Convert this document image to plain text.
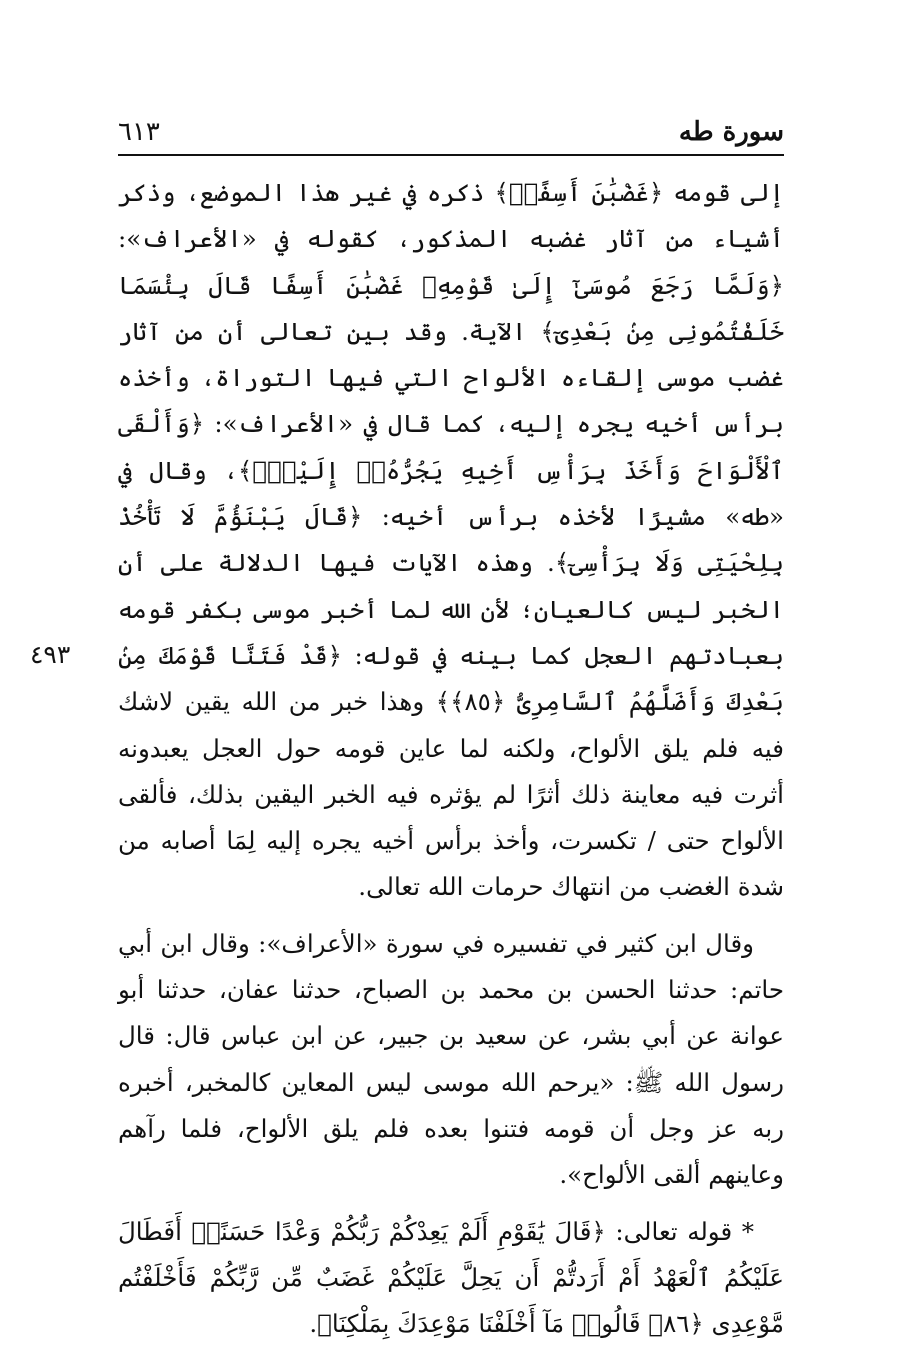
٦١٣	سورة طه
٤٩٣

إلى قومه ﴿غَضْبَٰنَ أَسِفًاۚ﴾ ذكره في غير هذا الموضع، وذكر أشياء من آثار غضبه المذكور، كقوله في «الأعراف»: ﴿وَلَمَّا رَجَعَ مُوسَىٰٓ إِلَىٰ قَوْمِهِۦ غَضْبَٰنَ أَسِفًا قَالَ بِئْسَمَا خَلَفْتُمُونِى مِنۢ بَعْدِىٓ﴾ الآية. وقد بين تعالى أن من آثار غضب موسى إلقاءه الألواح التي فيها التوراة، وأخذه برأس أخيه يجره إليه، كما قال في «الأعراف»: ﴿وَأَلْقَى ٱلْأَلْوَاحَ وَأَخَذَ بِرَأْسِ أَخِيهِ يَجُرُّهُۥٓ إِلَيْهِۚ﴾، وقال في «طه» مشيرًا لأخذه برأس أخيه: ﴿قَالَ يَبْنَؤُمَّ لَا تَأْخُذْ بِلِحْيَتِى وَلَا بِرَأْسِىٓ﴾. وهذه الآيات فيها الدلالة على أن الخبر ليس كالعيان؛ لأن الله لما أخبر موسى بكفر قومه بعبادتهم العجل كما بينه في قوله: ﴿قَدْ فَتَنَّا قَوْمَكَ مِنۢ بَعْدِكَ وَأَضَلَّهُمُ ٱلسَّامِرِىُّ ﴿٨٥﴾﴾ وهذا خبر من الله يقين لاشك فيه فلم يلق الألواح، ولكنه لما عاين قومه حول العجل يعبدونه أثرت فيه معاينة ذلك أثرًا لم يؤثره فيه الخبر اليقين بذلك، فألقى الألواح حتى / تكسرت، وأخذ برأس أخيه يجره إليه لِمَا أصابه من شدة الغضب من انتهاك حرمات الله تعالى.

وقال ابن كثير في تفسيره في سورة «الأعراف»: وقال ابن أبي حاتم: حدثنا الحسن بن محمد بن الصباح، حدثنا عفان، حدثنا أبو عوانة عن أبي بشر، عن سعيد بن جبير، عن ابن عباس قال: قال رسول الله ﷺ: «يرحم الله موسى ليس المعاين كالمخبر، أخبره ربه عز وجل أن قومه فتنوا بعده فلم يلق الألواح، فلما رآهم وعاينهم ألقى الألواح».

* قوله تعالى: ﴿قَالَ يَٰقَوْمِ أَلَمْ يَعِدْكُمْ رَبُّكُمْ وَعْدًا حَسَنًاۚ أَفَطَالَ عَلَيْكُمُ ٱلْعَهْدُ أَمْ أَرَدتُّمْ أَن يَحِلَّ عَلَيْكُمْ غَضَبٌ مِّن رَّبِّكُمْ فَأَخْلَفْتُم مَّوْعِدِى ﴿٨٦﴾ قَالُوا۟ مَآ أَخْلَفْنَا مَوْعِدَكَ بِمَلْكِنَا﴾.
